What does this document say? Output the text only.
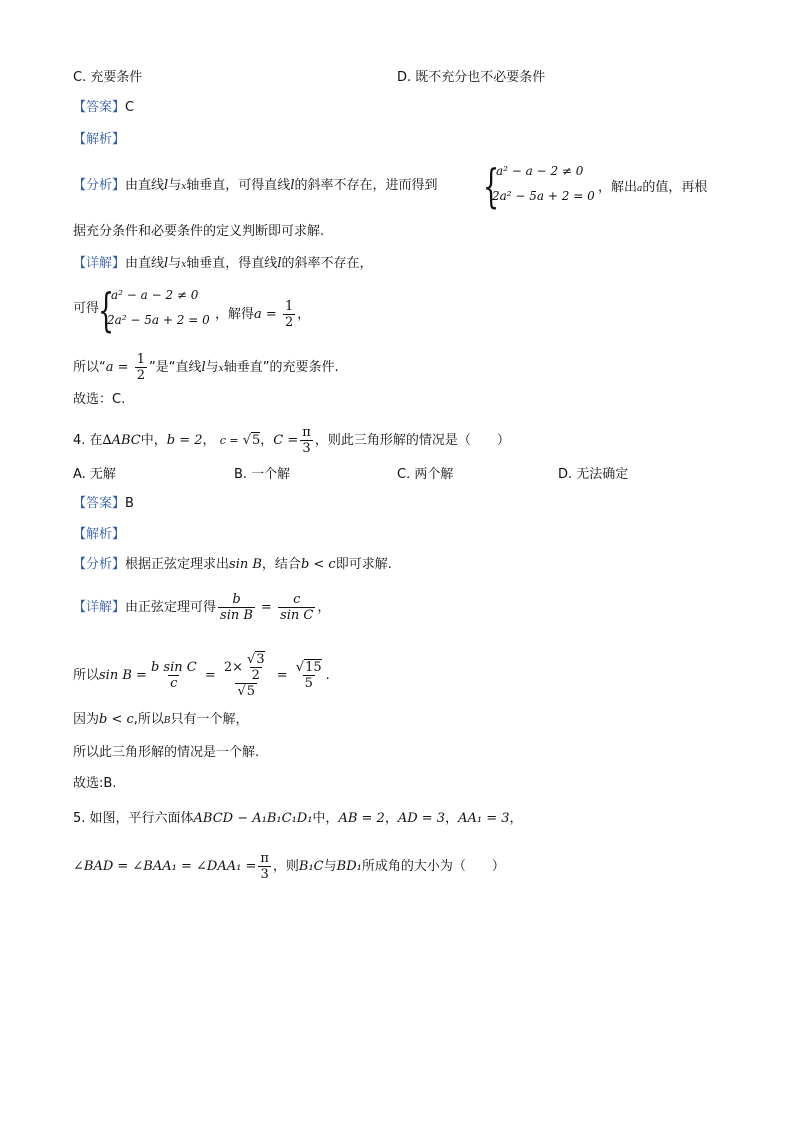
C. 充要条件	D. 既不充分也不必要条件
【答案】C
【解析】
【分析】由直线l与x轴垂直，可得直线l的斜率不存在，进而得到 {
a² − a − 2 ≠ 0
2a² − 5a + 2 = 0
，解出a的值，再根
据充分条件和必要条件的定义判断即可求解.
【详解】由直线l与x轴垂直，得直线l的斜率不存在，
可得
{
a² − a − 2 ≠ 0
2a² − 5a + 2 = 0 ，解得$a = \frac{1}{2}$ ，
所以“$a = \frac{1}{2}$ ”是“直线l与x轴垂直”的充要条件.
故选：C.
4. 在∆ABC中，b = 2， c = √5，$C = \frac{\pi}{3}$ ，则此三角形解的情况是（　　）
A. 无解	B. 一个解	C. 两个解	D. 无法确定
【答案】B
【解析】
【分析】根据正弦定理求出sin B，结合b < c即可求解.
【详解】由正弦定理可得 $\frac{b}{\text{sin B}} = \frac{c}{\text{sin C}}$ ，
所以$\sin B = \frac{\text{b sin C}}{c} = \frac{2\times \frac{√3}{2}}{√5} = \frac{√15}{5}$ .
因为b < c,所以B只有一个解，
所以此三角形解的情况是一个解.
故选:B.
5. 如图，平行六面体ABCD − A₁B₁C₁D₁中，AB = 2，AD = 3，AA₁ = 3，
∠BAD = ∠BAA₁ = ∠DAA₁ = $\frac{\pi}{3}$ ，则B₁C与BD₁所成角的大小为（　　）
